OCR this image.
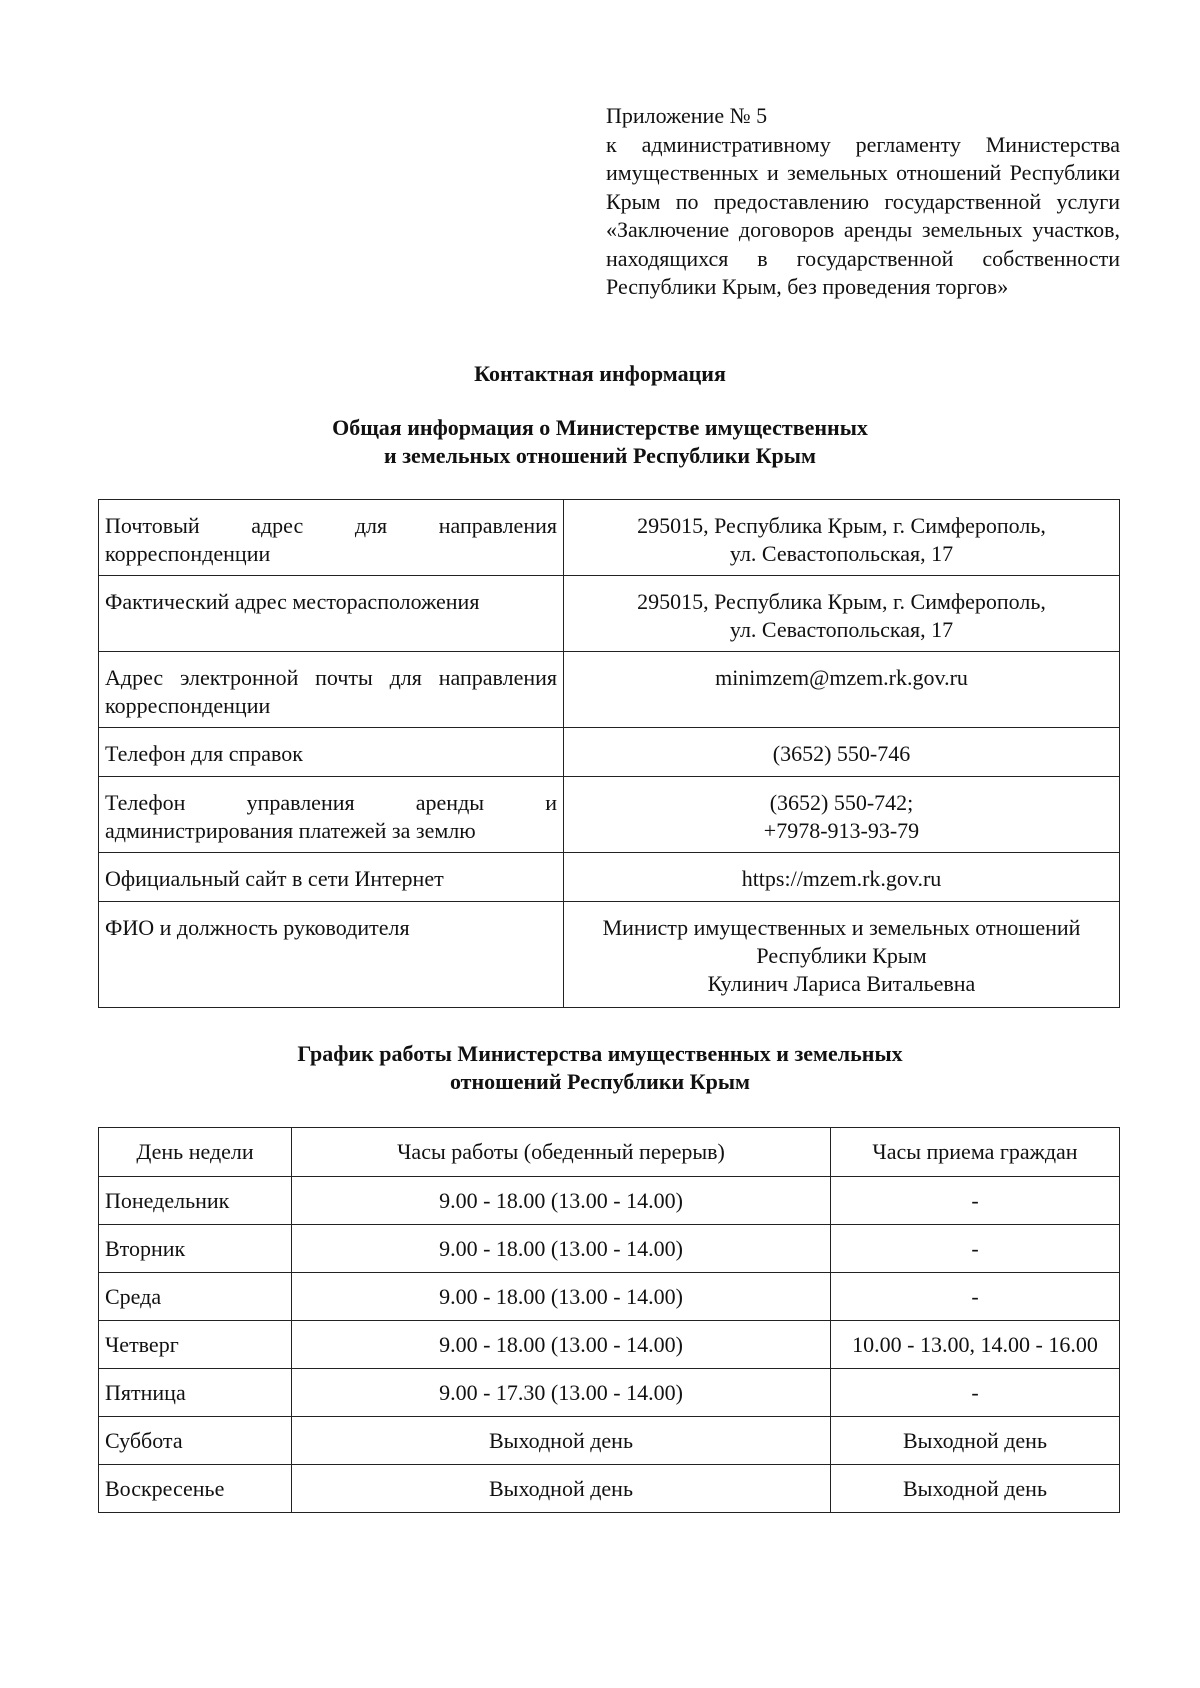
Приложение № 5
к административному регламенту Министерства имущественных и земельных отношений Республики Крым по предоставлению государственной услуги «Заключение договоров аренды земельных участков, находящихся в государственной собственности Республики Крым, без проведения торгов»
Контактная информация
Общая информация о Министерстве имущественных
и земельных отношений Республики Крым
Почтовый адрес для направления корреспонденции	295015, Республика Крым, г. Симферополь,
ул. Севастопольская, 17

Фактический адрес месторасположения	295015, Республика Крым, г. Симферополь,
ул. Севастопольская, 17

Адрес электронной почты для направления корреспонденции	minimzem@mzem.rk.gov.ru

Телефон для справок	(3652) 550-746

Телефон управления аренды и администрирования платежей за землю	(3652) 550-742;
+7978-913-93-79

Официальный сайт в сети Интернет	https://mzem.rk.gov.ru

ФИО и должность руководителя	Министр имущественных и земельных отношений
Республики Крым
Кулинич Лариса Витальевна
График работы Министерства имущественных и земельных
отношений Республики Крым
День недели	Часы работы (обеденный перерыв)	Часы приема граждан
Понедельник	9.00 - 18.00 (13.00 - 14.00)	-
Вторник	9.00 - 18.00 (13.00 - 14.00)	-
Среда	9.00 - 18.00 (13.00 - 14.00)	-
Четверг	9.00 - 18.00 (13.00 - 14.00)	10.00 - 13.00, 14.00 - 16.00
Пятница	9.00 - 17.30 (13.00 - 14.00)	-
Суббота	Выходной день	Выходной день
Воскресенье	Выходной день	Выходной день
